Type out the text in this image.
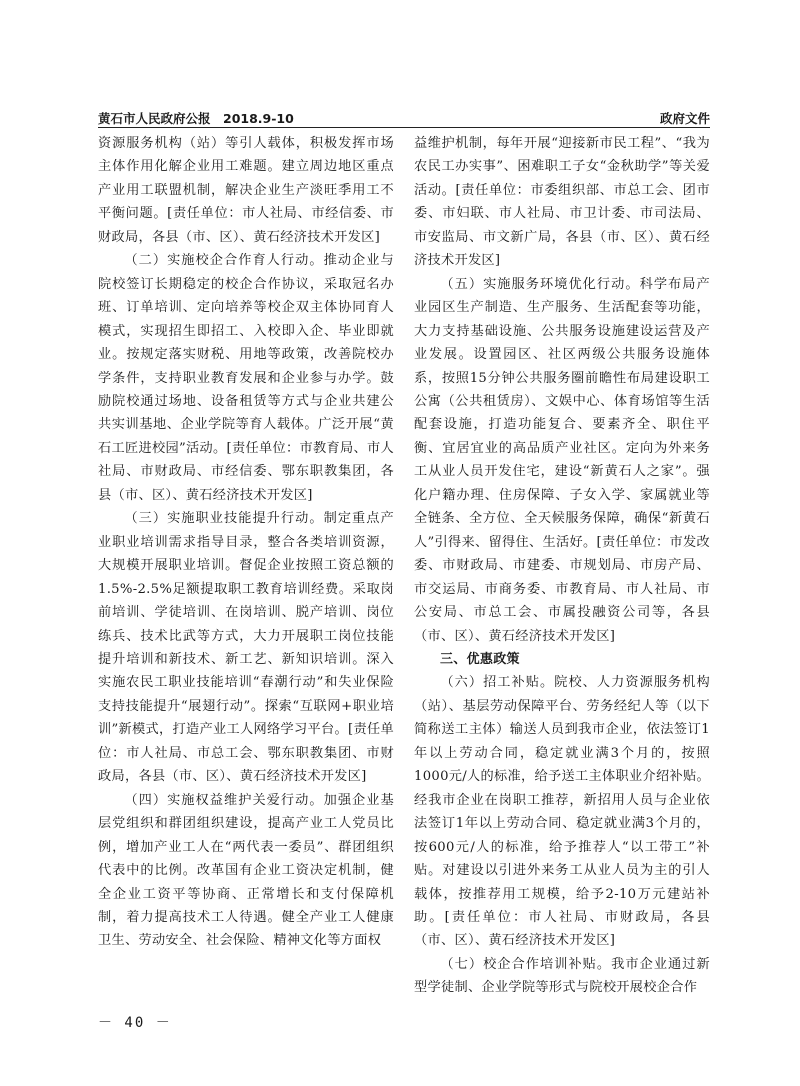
黄石市人民政府公报　2018.9-10	政府文件

资源服务机构（站）等引人载体，积极发挥市场主体作用化解企业用工难题。建立周边地区重点产业用工联盟机制，解决企业生产淡旺季用工不平衡问题。[责任单位：市人社局、市经信委、市财政局，各县（市、区）、黄石经济技术开发区]

（二）实施校企合作育人行动。推动企业与院校签订长期稳定的校企合作协议，采取冠名办班、订单培训、定向培养等校企双主体协同育人模式，实现招生即招工、入校即入企、毕业即就业。按规定落实财税、用地等政策，改善院校办学条件，支持职业教育发展和企业参与办学。鼓励院校通过场地、设备租赁等方式与企业共建公共实训基地、企业学院等育人载体。广泛开展“黄石工匠进校园”活动。[责任单位：市教育局、市人社局、市财政局、市经信委、鄂东职教集团，各县（市、区）、黄石经济技术开发区]

（三）实施职业技能提升行动。制定重点产业职业培训需求指导目录，整合各类培训资源，大规模开展职业培训。督促企业按照工资总额的1.5%-2.5%足额提取职工教育培训经费。采取岗前培训、学徒培训、在岗培训、脱产培训、岗位练兵、技术比武等方式，大力开展职工岗位技能提升培训和新技术、新工艺、新知识培训。深入实施农民工职业技能培训“春潮行动”和失业保险支持技能提升“展翅行动”。探索“互联网+职业培训”新模式，打造产业工人网络学习平台。[责任单位：市人社局、市总工会、鄂东职教集团、市财政局，各县（市、区）、黄石经济技术开发区]

（四）实施权益维护关爱行动。加强企业基层党组织和群团组织建设，提高产业工人党员比例，增加产业工人在“两代表一委员”、群团组织代表中的比例。改革国有企业工资决定机制，健全企业工资平等协商、正常增长和支付保障机制，着力提高技术工人待遇。健全产业工人健康卫生、劳动安全、社会保险、精神文化等方面权

益维护机制，每年开展“迎接新市民工程”、“我为农民工办实事”、困难职工子女“金秋助学”等关爱活动。[责任单位：市委组织部、市总工会、团市委、市妇联、市人社局、市卫计委、市司法局、市安监局、市文新广局，各县（市、区）、黄石经济技术开发区]

（五）实施服务环境优化行动。科学布局产业园区生产制造、生产服务、生活配套等功能，大力支持基础设施、公共服务设施建设运营及产业发展。设置园区、社区两级公共服务设施体系，按照15分钟公共服务圈前瞻性布局建设职工公寓（公共租赁房）、文娱中心、体育场馆等生活配套设施，打造功能复合、要素齐全、职住平衡、宜居宜业的高品质产业社区。定向为外来务工从业人员开发住宅，建设“新黄石人之家”。强化户籍办理、住房保障、子女入学、家属就业等全链条、全方位、全天候服务保障，确保“新黄石人”引得来、留得住、生活好。[责任单位：市发改委、市财政局、市建委、市规划局、市房产局、市交运局、市商务委、市教育局、市人社局、市公安局、市总工会、市属投融资公司等，各县（市、区）、黄石经济技术开发区]

三、优惠政策

（六）招工补贴。院校、人力资源服务机构（站）、基层劳动保障平台、劳务经纪人等（以下简称送工主体）输送人员到我市企业，依法签订1年以上劳动合同，稳定就业满3个月的，按照1000元/人的标准，给予送工主体职业介绍补贴。经我市企业在岗职工推荐，新招用人员与企业依法签订1年以上劳动合同、稳定就业满3个月的，按600元/人的标准，给予推荐人“以工带工”补贴。对建设以引进外来务工从业人员为主的引人载体，按推荐用工规模，给予2-10万元建站补助。[责任单位：市人社局、市财政局，各县（市、区）、黄石经济技术开发区]

（七）校企合作培训补贴。我市企业通过新型学徒制、企业学院等形式与院校开展校企合作

－ 40 －
